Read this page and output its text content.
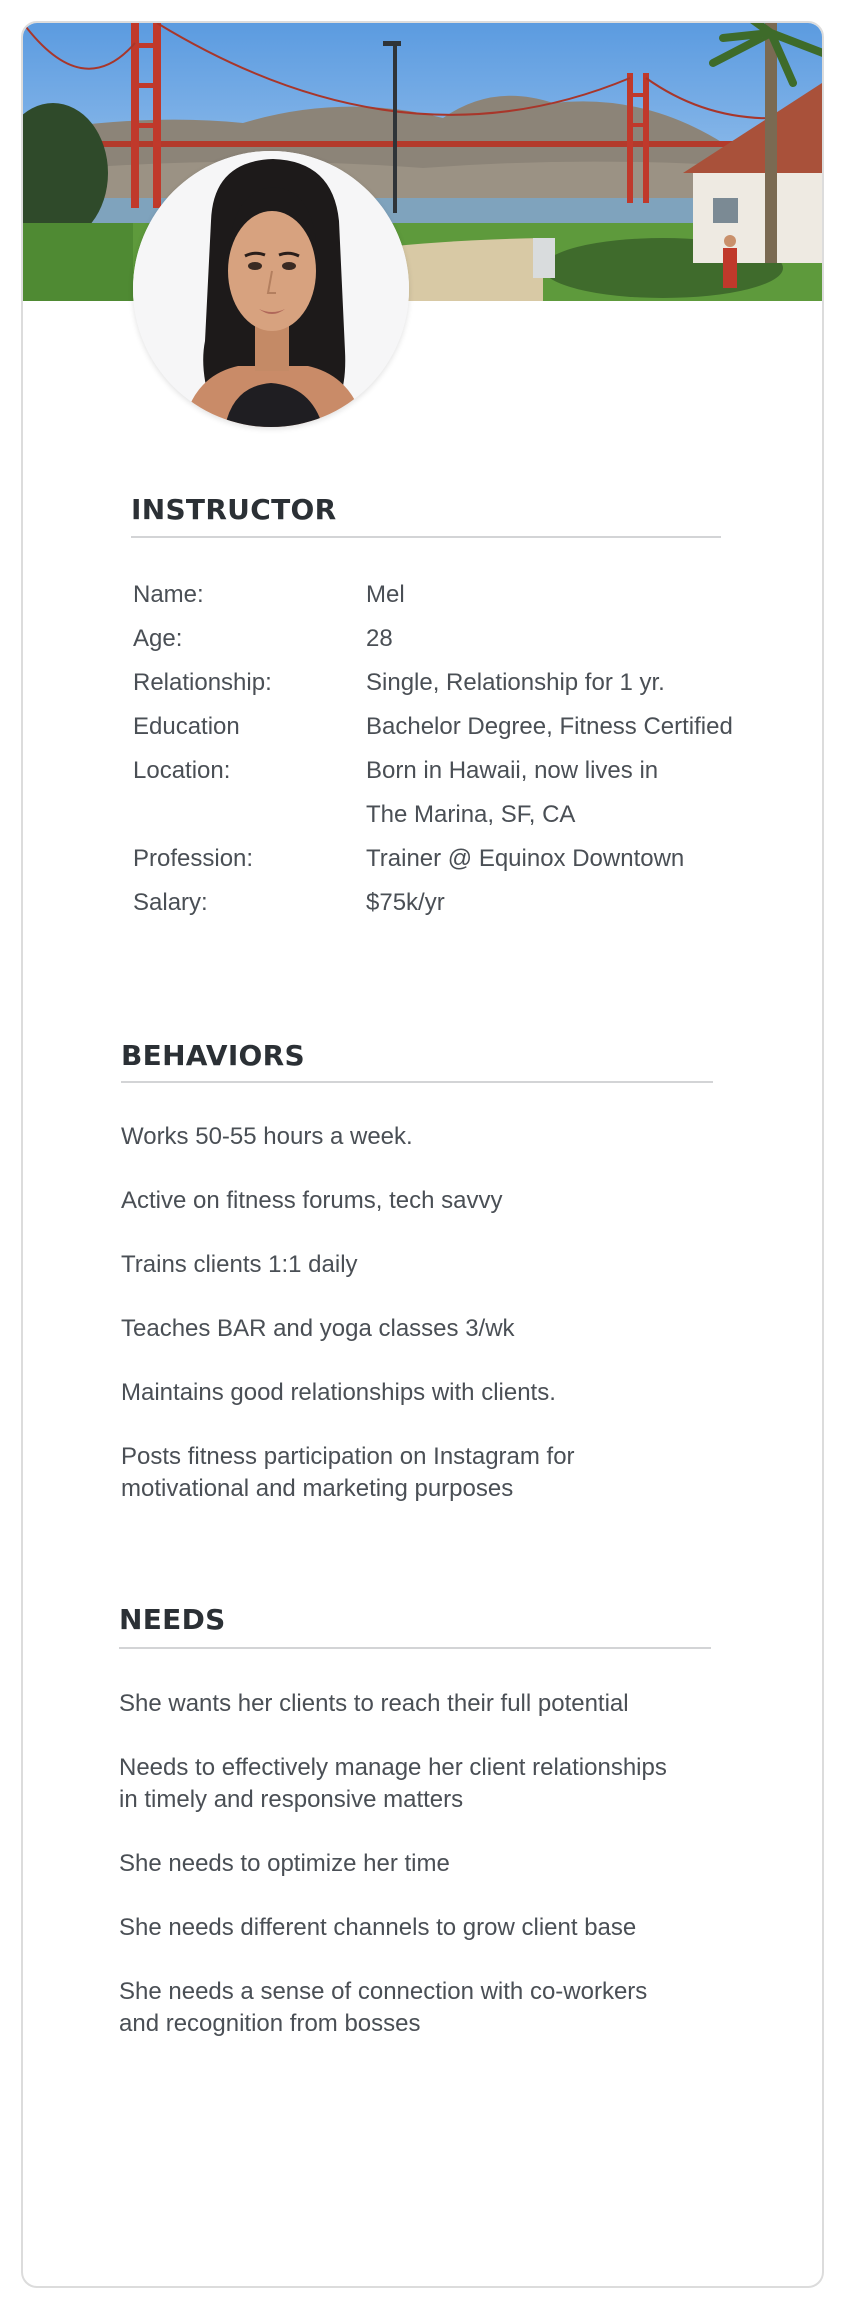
INSTRUCTOR
Name:	Mel
Age:	28
Relationship:	Single, Relationship for 1 yr.
Education	Bachelor Degree, Fitness Certified
Location:	Born in Hawaii, now lives in
The Marina, SF, CA
Profession:	Trainer @ Equinox Downtown
Salary:	$75k/yr
BEHAVIORS
Works 50-55 hours a week.
Active on fitness forums, tech savvy
Trains clients 1:1 daily
Teaches BAR and yoga classes 3/wk
Maintains good relationships with clients.
Posts fitness participation on Instagram for
motivational and marketing purposes
NEEDS
She wants her clients to reach their full potential
Needs to effectively manage her client relationships
in timely and responsive matters
She needs to optimize her time
She needs different channels to grow client base
She needs a sense of connection with co-workers
and recognition from bosses
